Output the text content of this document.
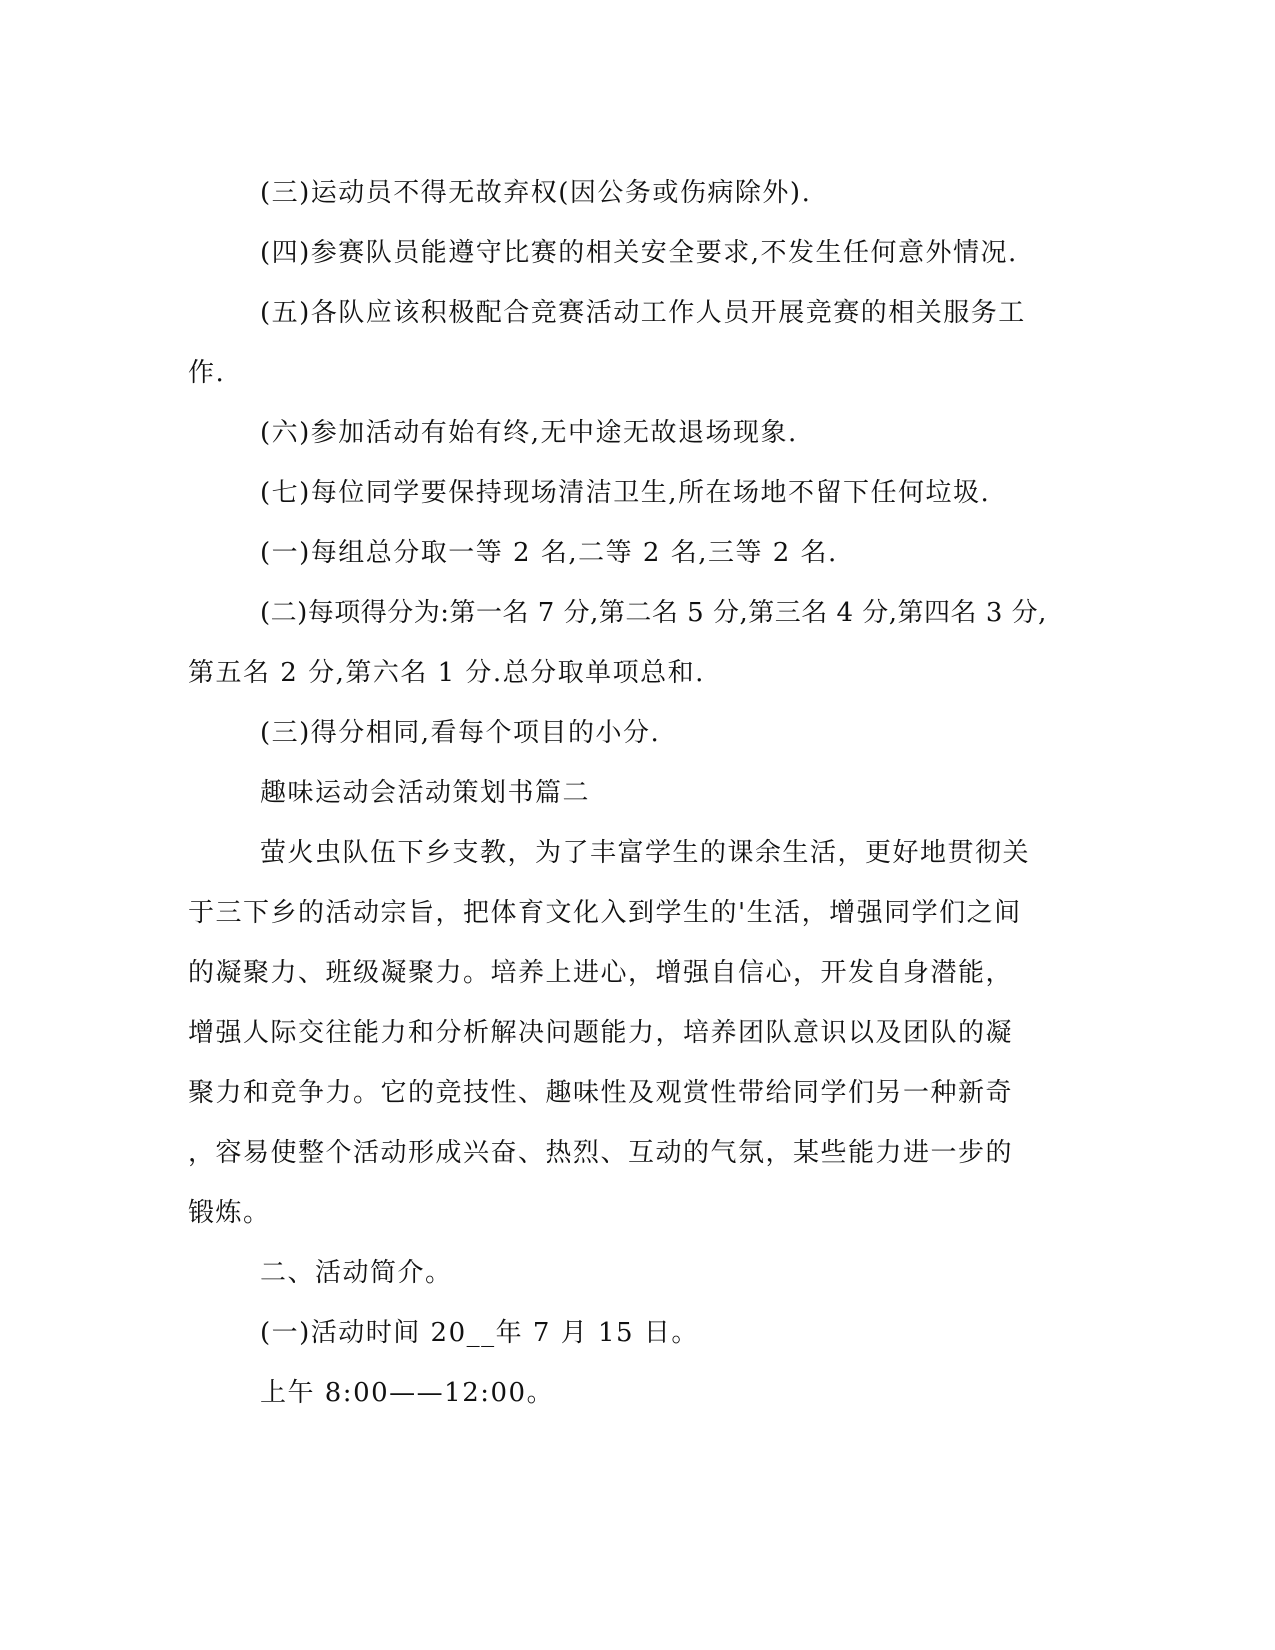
(三)运动员不得无故弃权(因公务或伤病除外).
(四)参赛队员能遵守比赛的相关安全要求,不发生任何意外情况.
(五)各队应该积极配合竞赛活动工作人员开展竞赛的相关服务工
作.
(六)参加活动有始有终,无中途无故退场现象.
(七)每位同学要保持现场清洁卫生,所在场地不留下任何垃圾.
(一)每组总分取一等 2 名,二等 2 名,三等 2 名.
(二)每项得分为:第一名 7 分,第二名 5 分,第三名 4 分,第四名 3 分,
第五名 2 分,第六名 1 分.总分取单项总和.
(三)得分相同,看每个项目的小分.
趣味运动会活动策划书篇二
萤火虫队伍下乡支教，为了丰富学生的课余生活，更好地贯彻关
于三下乡的活动宗旨，把体育文化入到学生的'生活，增强同学们之间
的凝聚力、班级凝聚力。培养上进心，增强自信心，开发自身潜能，
增强人际交往能力和分析解决问题能力，培养团队意识以及团队的凝
聚力和竞争力。它的竞技性、趣味性及观赏性带给同学们另一种新奇
，容易使整个活动形成兴奋、热烈、互动的气氛，某些能力进一步的
锻炼。
二、活动简介。
(一)活动时间 20__年 7 月 15 日。
上午 8:00——12:00。
